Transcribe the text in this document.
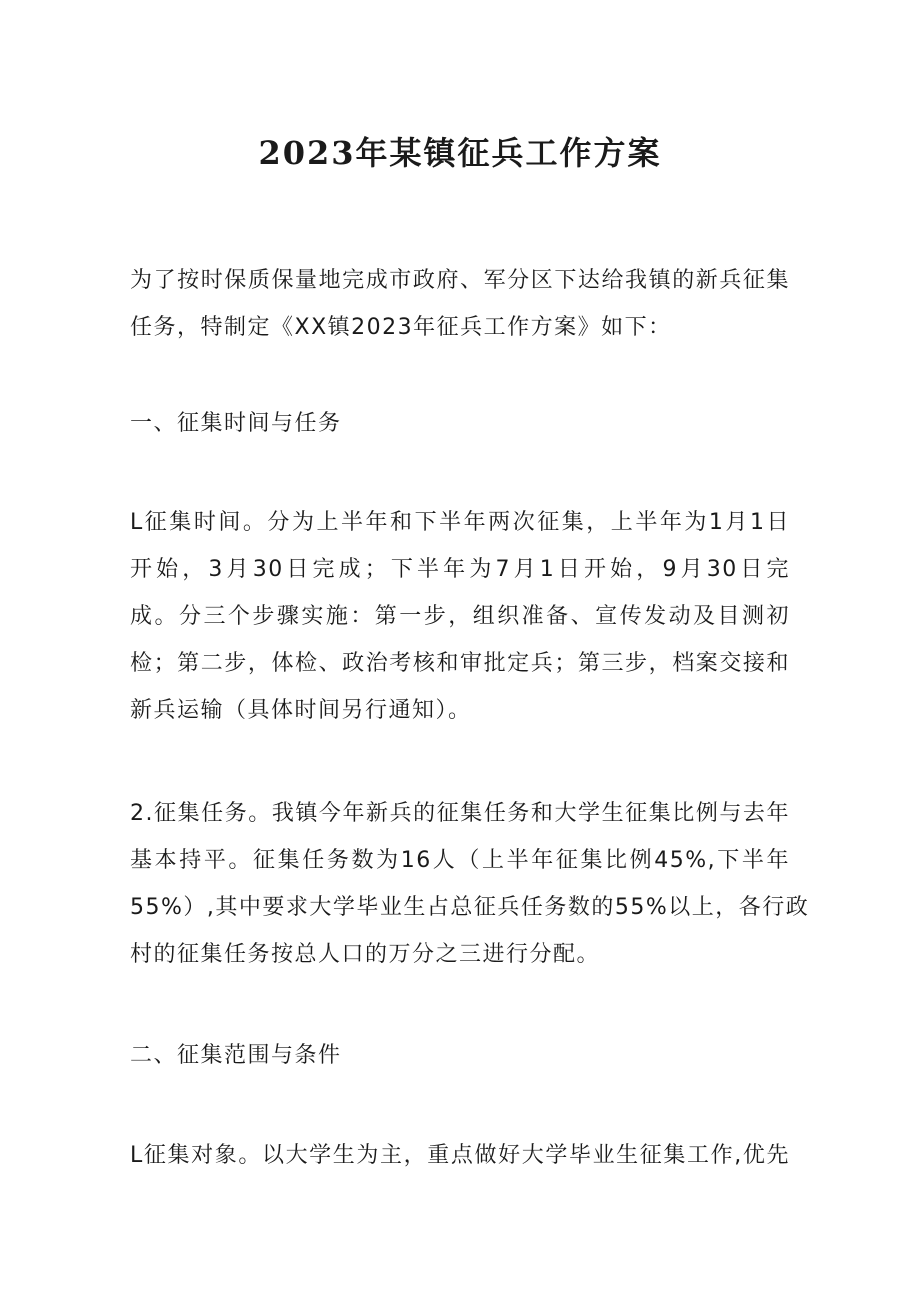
2023年某镇征兵工作方案

为了按时保质保量地完成市政府、军分区下达给我镇的新兵征集
任务，特制定《XX镇2023年征兵工作方案》如下：

一、征集时间与任务

L征集时间。分为上半年和下半年两次征集，上半年为1月1日
开始，3月30日完成；下半年为7月1日开始，9月30日完
成。分三个步骤实施：第一步，组织准备、宣传发动及目测初
检；第二步，体检、政治考核和审批定兵；第三步，档案交接和
新兵运输（具体时间另行通知）。

2.征集任务。我镇今年新兵的征集任务和大学生征集比例与去年
基本持平。征集任务数为16人（上半年征集比例45%,下半年
55%）,其中要求大学毕业生占总征兵任务数的55%以上，各行政
村的征集任务按总人口的万分之三进行分配。

二、征集范围与条件

L征集对象。以大学生为主，重点做好大学毕业生征集工作,优先
